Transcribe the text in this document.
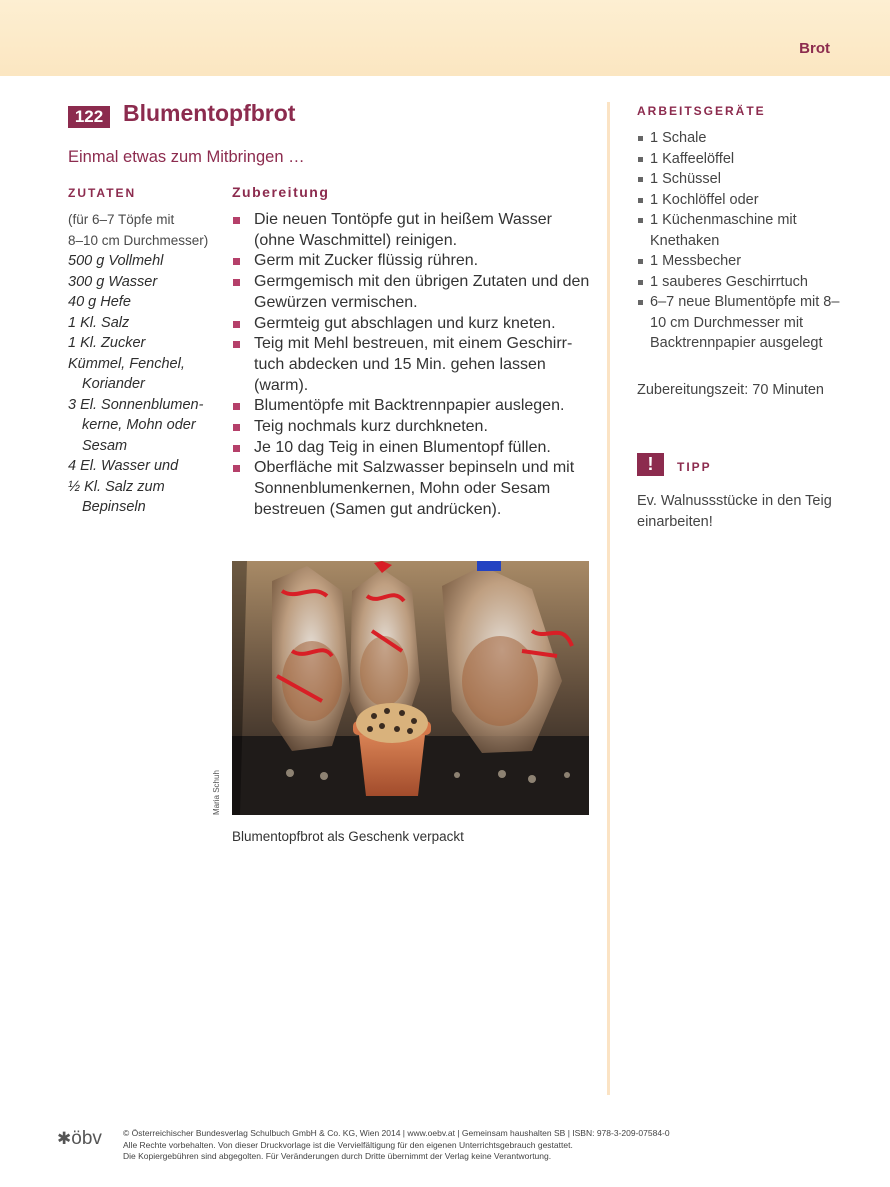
Brot
122 Blumentopfbrot
Einmal etwas zum Mitbringen …
ZUTATEN
(für 6–7 Töpfe mit
8–10 cm Durchmesser)
500 g Vollmehl
300 g Wasser
40 g Hefe
1 Kl. Salz
1 Kl. Zucker
Kümmel, Fenchel, Koriander
3 El. Sonnenblumen-kerne, Mohn oder Sesam
4 El. Wasser und
½ Kl. Salz zum Bepinseln
Zubereitung
Die neuen Tontöpfe gut in heißem Wasser (ohne Waschmittel) reinigen.
Germ mit Zucker flüssig rühren.
Germgemisch mit den übrigen Zutaten und den Gewürzen vermischen.
Germteig gut abschlagen und kurz kneten.
Teig mit Mehl bestreuen, mit einem Geschirr-tuch abdecken und 15 Min. gehen lassen (warm).
Blumentöpfe mit Backtrennpapier auslegen.
Teig nochmals kurz durchkneten.
Je 10 dag Teig in einen Blumentopf füllen.
Oberfläche mit Salzwasser bepinseln und mit Sonnenblumenkernen, Mohn oder Sesam bestreuen (Samen gut andrücken).
Maria Schuh
Blumentopfbrot als Geschenk verpackt
ARBEITSGERÄTE
1 Schale
1 Kaffeelöffel
1 Schüssel
1 Kochlöffel oder
1 Küchenmaschine mit Knethaken
1 Messbecher
1 sauberes Geschirrtuch
6–7 neue Blumentöpfe mit 8–10 cm Durchmesser mit Backtrennpapier ausgelegt
Zubereitungszeit: 70 Minuten
!	TIPP
Ev. Walnussstücke in den Teig einarbeiten!
✱öbv © Österreichischer Bundesverlag Schulbuch GmbH & Co. KG, Wien 2014 | www.oebv.at | Gemeinsam haushalten SB | ISBN: 978-3-209-07584-0
Alle Rechte vorbehalten. Von dieser Druckvorlage ist die Vervielfältigung für den eigenen Unterrichtsgebrauch gestattet.
Die Kopiergebühren sind abgegolten. Für Veränderungen durch Dritte übernimmt der Verlag keine Verantwortung.
